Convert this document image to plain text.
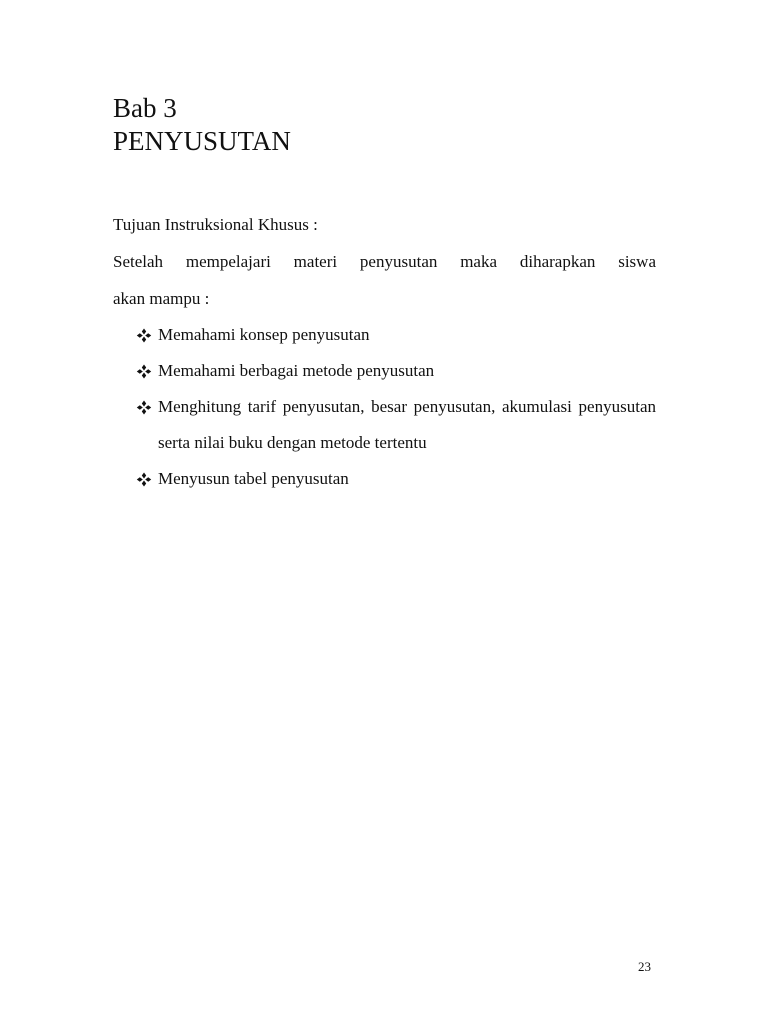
Bab 3
PENYUSUTAN

Tujuan Instruksional Khusus :

Setelah mempelajari materi penyusutan maka diharapkan siswa

akan mampu :

Memahami konsep penyusutan
Memahami berbagai metode penyusutan
Menghitung tarif penyusutan, besar penyusutan, akumulasi penyusutan serta nilai buku dengan metode tertentu
Menyusun tabel penyusutan
23
